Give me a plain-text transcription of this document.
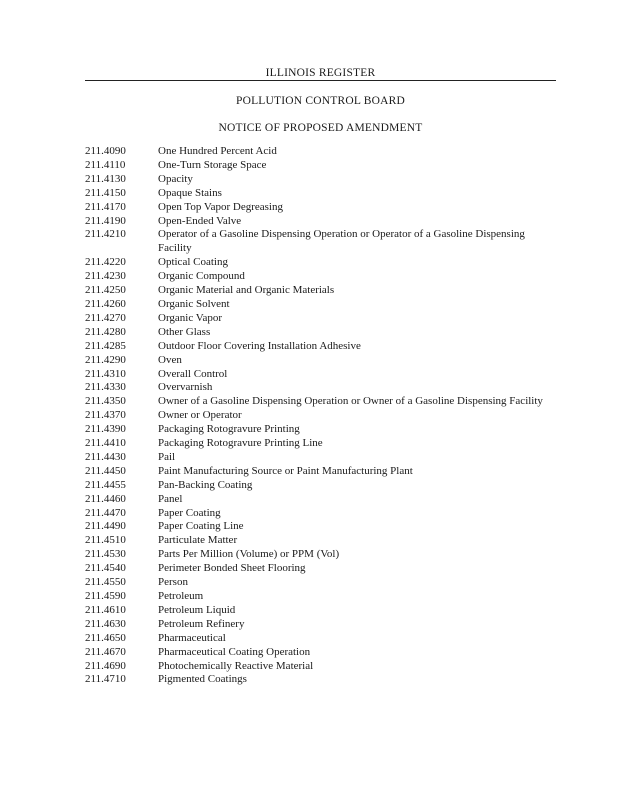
ILLINOIS REGISTER
POLLUTION CONTROL BOARD
NOTICE OF PROPOSED AMENDMENT
211.4090	One Hundred Percent Acid
211.4110	One-Turn Storage Space
211.4130	Opacity
211.4150	Opaque Stains
211.4170	Open Top Vapor Degreasing
211.4190	Open-Ended Valve
211.4210	Operator of a Gasoline Dispensing Operation or Operator of a Gasoline Dispensing Facility
211.4220	Optical Coating
211.4230	Organic Compound
211.4250	Organic Material and Organic Materials
211.4260	Organic Solvent
211.4270	Organic Vapor
211.4280	Other Glass
211.4285	Outdoor Floor Covering Installation Adhesive
211.4290	Oven
211.4310	Overall Control
211.4330	Overvarnish
211.4350	Owner of a Gasoline Dispensing Operation or Owner of a Gasoline Dispensing Facility
211.4370	Owner or Operator
211.4390	Packaging Rotogravure Printing
211.4410	Packaging Rotogravure Printing Line
211.4430	Pail
211.4450	Paint Manufacturing Source or Paint Manufacturing Plant
211.4455	Pan-Backing Coating
211.4460	Panel
211.4470	Paper Coating
211.4490	Paper Coating Line
211.4510	Particulate Matter
211.4530	Parts Per Million (Volume) or PPM (Vol)
211.4540	Perimeter Bonded Sheet Flooring
211.4550	Person
211.4590	Petroleum
211.4610	Petroleum Liquid
211.4630	Petroleum Refinery
211.4650	Pharmaceutical
211.4670	Pharmaceutical Coating Operation
211.4690	Photochemically Reactive Material
211.4710	Pigmented Coatings
